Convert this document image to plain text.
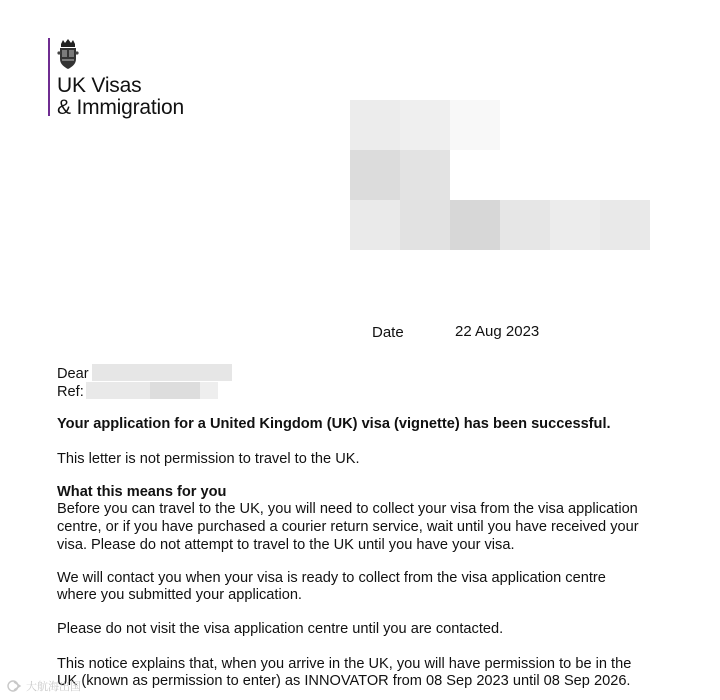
UK Visas
& Immigration
Date	22 Aug 2023
Dear
Ref:
Your application for a United Kingdom (UK) visa (vignette) has been successful.
This letter is not permission to travel to the UK.
What this means for you
Before you can travel to the UK, you will need to collect your visa from the visa application
centre, or if you have purchased a courier return service, wait until you have received your
visa. Please do not attempt to travel to the UK until you have your visa.
We will contact you when your visa is ready to collect from the visa application centre
where you submitted your application.
Please do not visit the visa application centre until you are contacted.
This notice explains that, when you arrive in the UK, you will have permission to be in the
UK (known as permission to enter) as INNOVATOR from 08 Sep 2023 until 08 Sep 2026.
大航海出国
